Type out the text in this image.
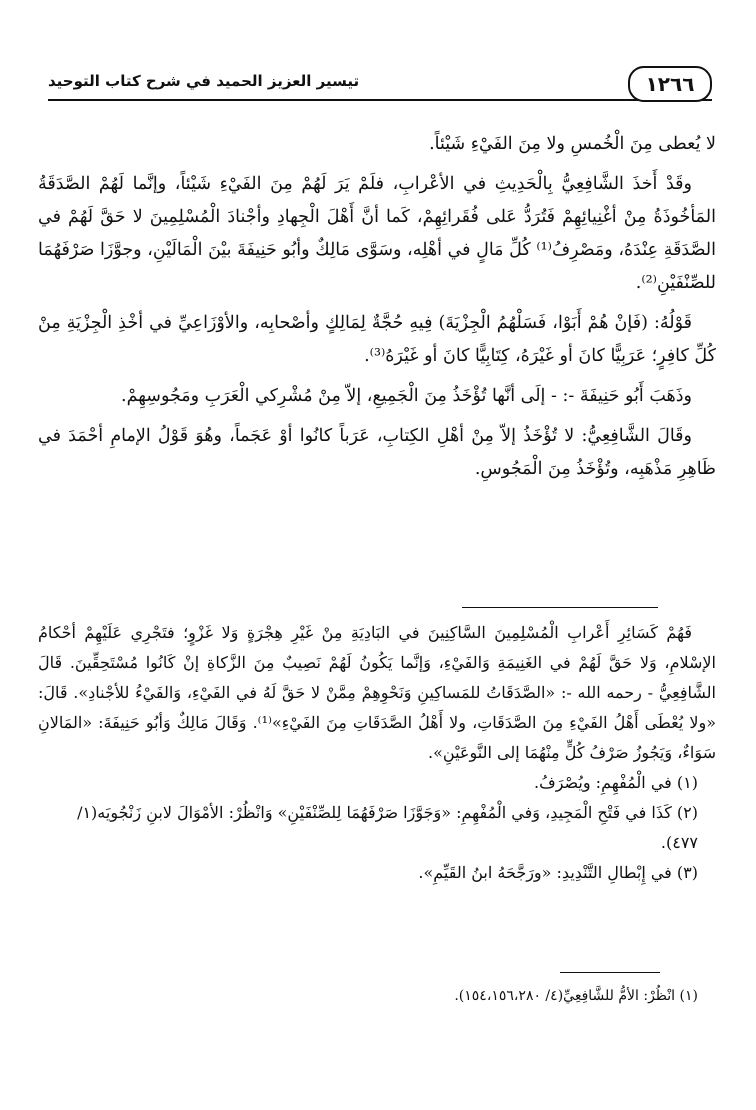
تيسير العزيز الحميد في شرح كتاب التوحيد	١٢٦٦

لا يُعطى مِنَ الْخُمسِ ولا مِنَ الفَيْءِ شَيْئاً.

وقَدْ أَخذَ الشَّافِعِيُّ بِالْحَدِيثِ في الأعْرابِ، فلَمْ يَرَ لَهُمْ مِنَ الفَيْءِ شَيْئاً، وإنَّما لَهُمْ الصَّدَقَةُ المَأخُوذَةُ مِنْ أغْنِيائِهِمْ فَتُرَدُّ عَلى فُقَرائِهِمْ، كَما أنَّ أَهْلَ الْجِهادِ وأجْنادَ الْمُسْلِمِينَ لا حَقَّ لَهُمْ في الصَّدَقَةِ عِنْدَهُ، ومَصْرِفُ⁽¹⁾ كُلِّ مَالٍ في أهْلِه، وسَوَّى مَالِكٌ وأبُو حَنِيفَةَ بيْنَ الْمَالَيْنِ، وجوَّزَا صَرْفَهُمَا للصِّنْفَيْنِ⁽²⁾.

قَوْلُهُ: (فَإنْ هُمْ أَبَوْا، فَسَلْهُمُ الْجِزْيَةَ) فِيهِ حُجَّةٌ لِمَالِكٍ وأصْحابِه، والأوْزَاعِيِّ في أخْذِ الْجِزْيَةِ مِنْ كُلِّ كافِرٍ؛ عَرَبِيًّا كانَ أو غَيْرَهُ، كِتَابِيًّا كانَ أو غَيْرَهُ⁽³⁾.

وذَهَبَ أَبُو حَنِيفَةَ -: - إلَى أنَّها تُؤْخَذُ مِنَ الْجَمِيعِ، إلاّ مِنْ مُشْرِكي الْعَرَبِ ومَجُوسِهِمْ.

وقَالَ الشَّافِعِيُّ: لا تُؤْخَذُ إلاّ مِنْ أهْلِ الكِتابِ، عَرَباً كانُوا أوْ عَجَماً، وهُوَ قَوْلُ الإمامِ أحْمَدَ في ظَاهِرِ مَذْهَبِه، وتُؤْخَذُ مِنَ الْمَجُوسِ.

فَهُمْ كَسَائِرِ أَعْرابِ الْمُسْلِمِينَ السَّاكِنِينَ في البَادِيَةِ مِنْ غَيْرِ هِجْرَةٍ وَلا غَزْوٍ؛ فتَجْرِي عَلَيْهِمْ أحْكامُ الإسْلامِ، وَلا حَقَّ لَهُمْ في الغَنِيمَةِ وَالفَيْءِ، وَإنَّما يَكُونُ لَهُمْ نَصِيبٌ مِنَ الزَّكاةِ إنْ كَانُوا مُسْتَحِقِّينَ. قَالَ الشَّافِعِيُّ - رحمه الله -: «الصَّدَقَاتُ للمَساكِينِ وَنَحْوِهِمْ مِمَّنْ لا حَقَّ لَهُ في الفَيْءِ، وَالفَيْءُ للأجْنادِ». قَالَ: «ولا يُعْطَى أَهْلُ الفَيْءِ مِنَ الصَّدَقَاتِ، ولا أَهْلُ الصَّدَقَاتِ مِنَ الفَيْءِ»⁽¹⁾. وَقَالَ مَالِكٌ وَأبُو حَنِيفَةَ: «المَالانِ سَوَاءٌ، وَيَجُوزُ صَرْفُ كُلٍّ مِنْهُمَا إلى النَّوعَيْنِ».

(١) في الْمُفْهِمِ: ويُصْرَفُ.

(٢) كَذَا في فَتْحِ الْمَجِيدِ، وَفي الْمُفْهِمِ: «وَجَوَّزَا صَرْفَهُمَا لِلصِّنْفَيْنِ» وَانْظُرْ: الأمْوَالَ لابنِ زَنْجُويَه(١/ ٤٧٧).

(٣) في إِبْطالِ التَّنْدِيدِ: «ورَجَّحَهُ ابنُ القَيِّمِ».

(١) انْظُرْ: الأمُّ للشَّافِعِيِّ(٤/ ١٥٤،١٥٦،٢٨٠).
